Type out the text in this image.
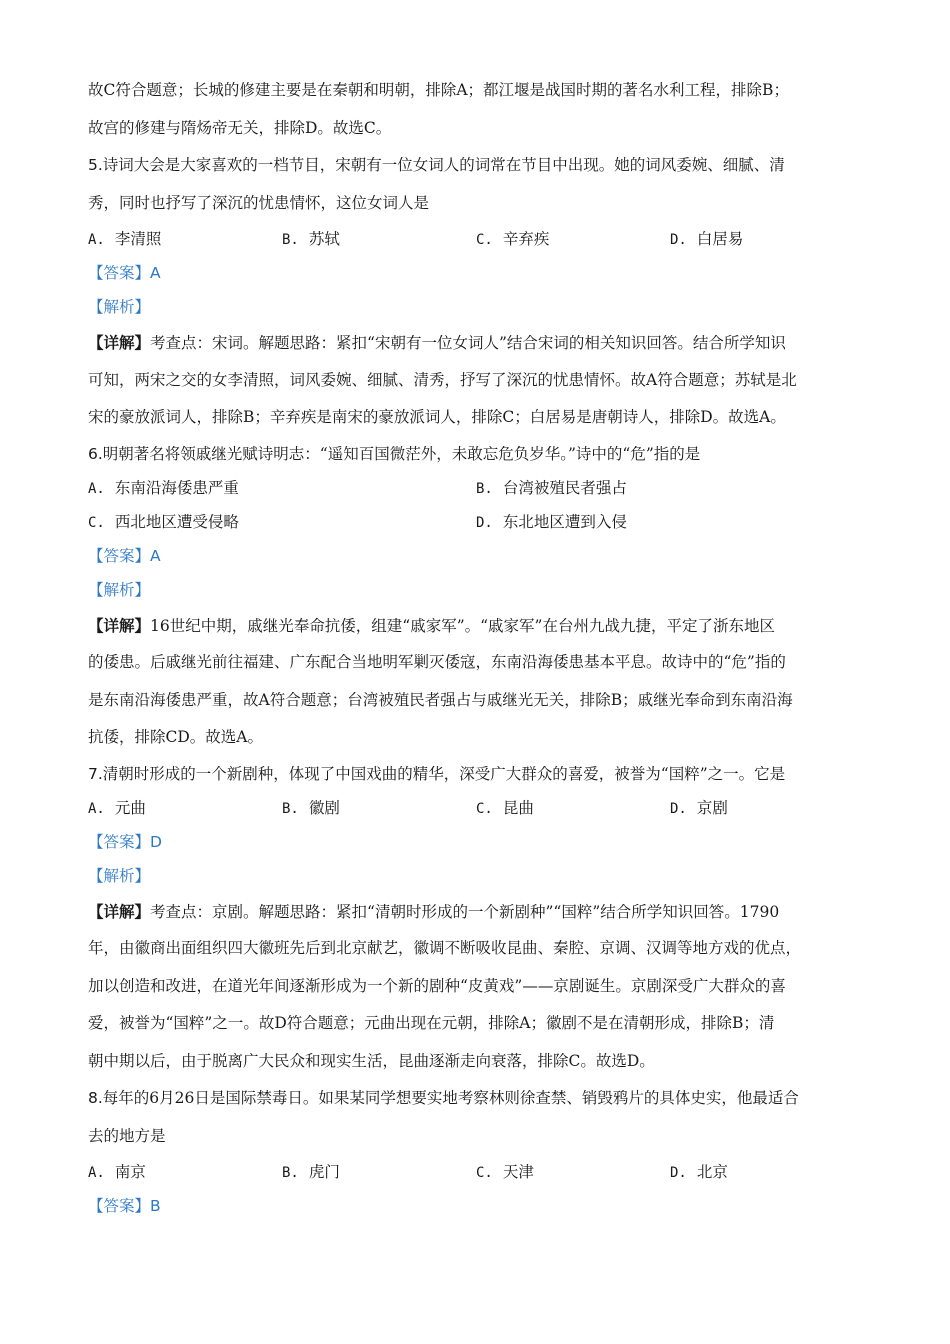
故C符合题意；长城的修建主要是在秦朝和明朝，排除A；都江堰是战国时期的著名水利工程，排除B；
故宫的修建与隋炀帝无关，排除D。故选C。
5.诗词大会是大家喜欢的一档节目，宋朝有一位女词人的词常在节目中出现。她的词风委婉、细腻、清
秀，同时也抒写了深沉的忧患情怀，这位女词人是
A. 李清照	B. 苏轼	C. 辛弃疾	D. 白居易
【答案】A
【解析】
【详解】考查点：宋词。解题思路：紧扣“宋朝有一位女词人”结合宋词的相关知识回答。结合所学知识
可知，两宋之交的女李清照，词风委婉、细腻、清秀，抒写了深沉的忧患情怀。故A符合题意；苏轼是北
宋的豪放派词人，排除B；辛弃疾是南宋的豪放派词人，排除C；白居易是唐朝诗人，排除D。故选A。
6.明朝著名将领戚继光赋诗明志：“遥知百国微茫外，未敢忘危负岁华。”诗中的“危”指的是
A. 东南沿海倭患严重	B. 台湾被殖民者强占
C. 西北地区遭受侵略	D. 东北地区遭到入侵
【答案】A
【解析】
【详解】16世纪中期，戚继光奉命抗倭，组建“戚家军”。“戚家军”在台州九战九捷，平定了浙东地区
的倭患。后戚继光前往福建、广东配合当地明军剿灭倭寇，东南沿海倭患基本平息。故诗中的“危”指的
是东南沿海倭患严重，故A符合题意；台湾被殖民者强占与戚继光无关，排除B；戚继光奉命到东南沿海
抗倭，排除CD。故选A。
7.清朝时形成的一个新剧种，体现了中国戏曲的精华，深受广大群众的喜爱，被誉为“国粹”之一。它是
A. 元曲	B. 徽剧	C. 昆曲	D. 京剧
【答案】D
【解析】
【详解】考查点：京剧。解题思路：紧扣“清朝时形成的一个新剧种”“国粹”结合所学知识回答。1790
年，由徽商出面组织四大徽班先后到北京献艺，徽调不断吸收昆曲、秦腔、京调、汉调等地方戏的优点，
加以创造和改进，在道光年间逐渐形成为一个新的剧种“皮黄戏”——京剧诞生。京剧深受广大群众的喜
爱，被誉为“国粹”之一。故D符合题意；元曲出现在元朝，排除A；徽剧不是在清朝形成，排除B；清
朝中期以后，由于脱离广大民众和现实生活，昆曲逐渐走向衰落，排除C。故选D。
8.每年的6月26日是国际禁毒日。如果某同学想要实地考察林则徐查禁、销毁鸦片的具体史实，他最适合
去的地方是
A. 南京	B. 虎门	C. 天津	D. 北京
【答案】B
